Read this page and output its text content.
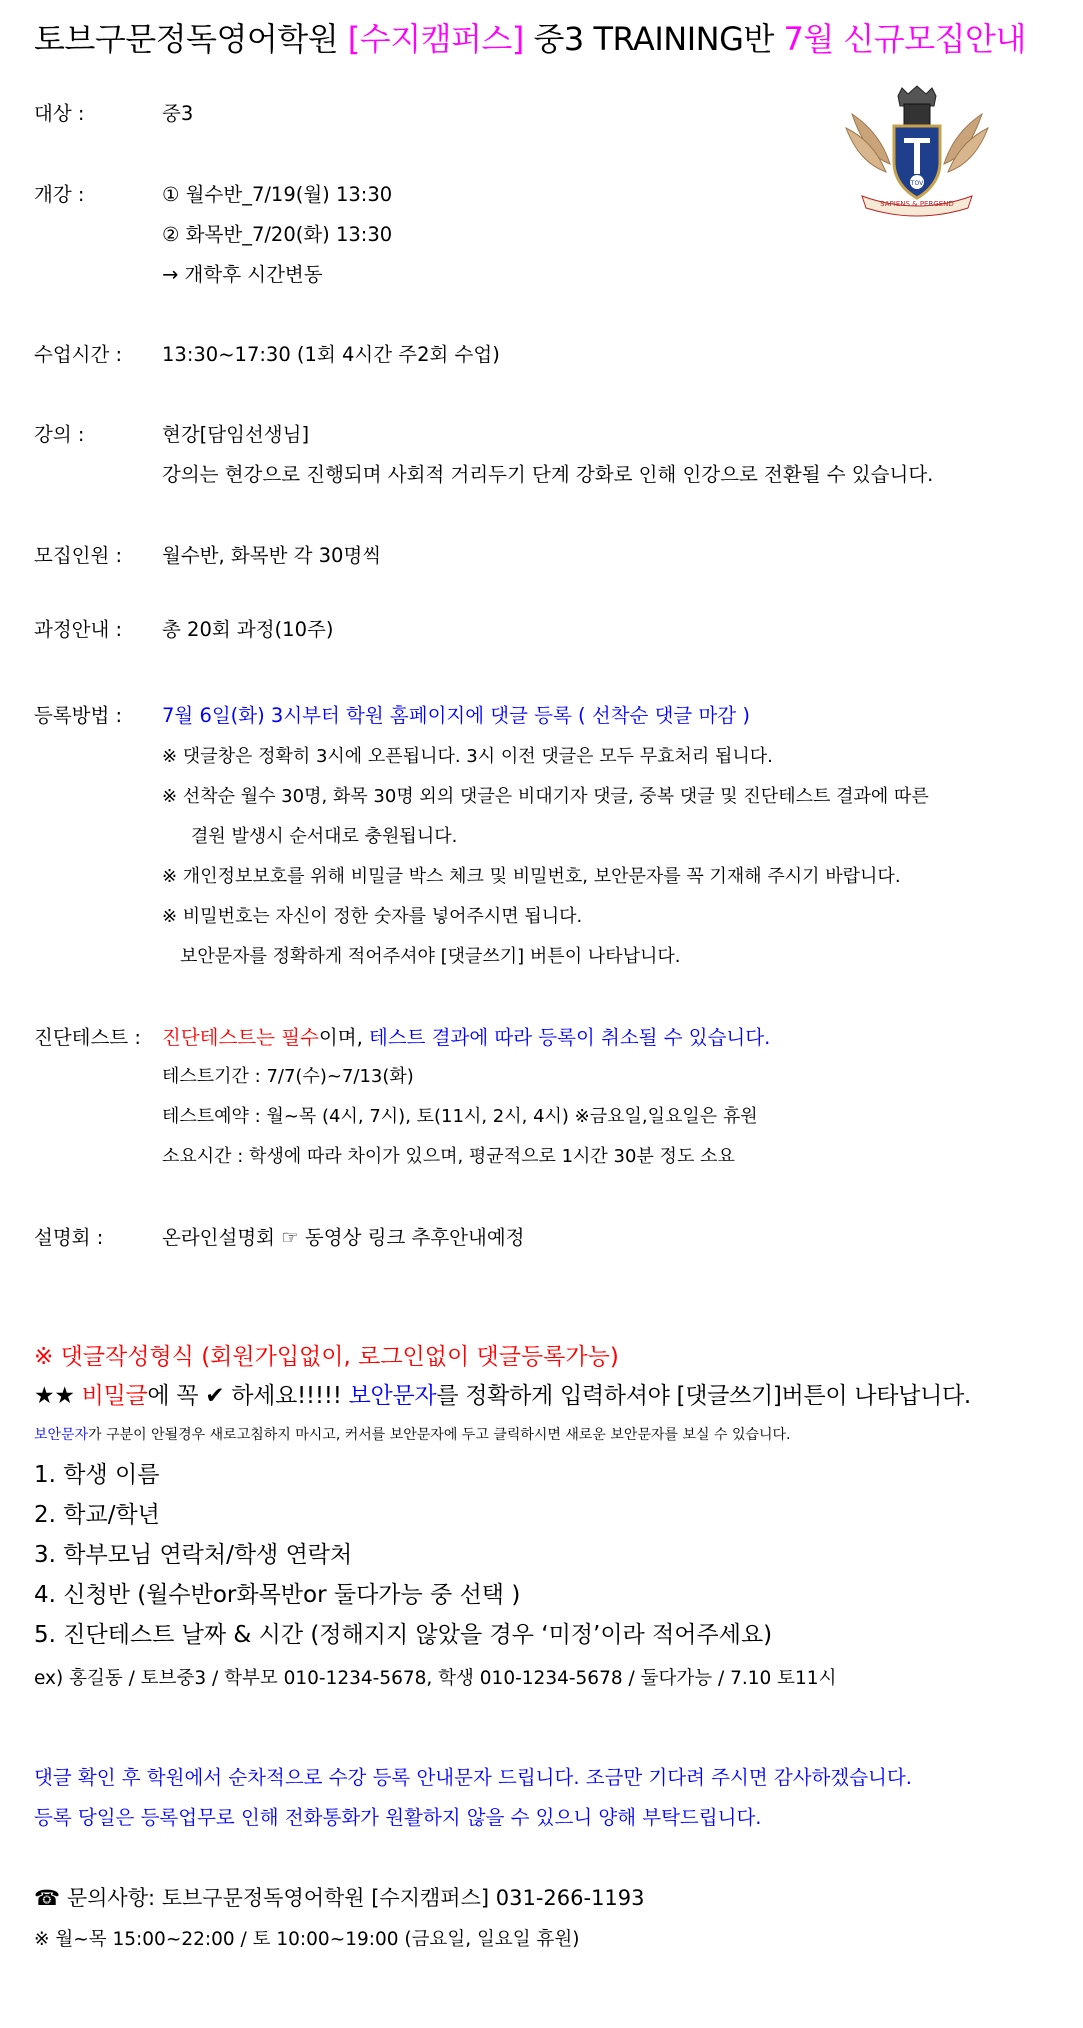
토브구문정독영어학원 [수지캠퍼스] 중3 TRAINING반 7월 신규모집안내
TOV
SAPIENS & PERGEND
대상 :	중3
개강 :	① 월수반_7/19(월) 13:30
② 화목반_7/20(화) 13:30
→ 개학후 시간변동
수업시간 : 13:30~17:30 (1회 4시간 주2회 수업)
강의 :	현강[담임선생님]
강의는 현강으로 진행되며 사회적 거리두기 단계 강화로 인해 인강으로 전환될 수 있습니다.
모집인원 : 월수반, 화목반 각 30명씩
과정안내 : 총 20회 과정(10주)
등록방법 : 7월 6일(화) 3시부터 학원 홈페이지에 댓글 등록 ( 선착순 댓글 마감 )
※ 댓글창은 정확히 3시에 오픈됩니다. 3시 이전 댓글은 모두 무효처리 됩니다.
※ 선착순 월수 30명, 화목 30명 외의 댓글은 비대기자 댓글, 중복 댓글 및 진단테스트 결과에 따른
결원 발생시 순서대로 충원됩니다.
※ 개인정보보호를 위해 비밀글 박스 체크 및 비밀번호, 보안문자를 꼭 기재해 주시기 바랍니다.
※ 비밀번호는 자신이 정한 숫자를 넣어주시면 됩니다.
보안문자를 정확하게 적어주셔야 [댓글쓰기] 버튼이 나타납니다.
진단테스트 : 진단테스트는 필수이며, 테스트 결과에 따라 등록이 취소될 수 있습니다.
테스트기간 : 7/7(수)~7/13(화)
테스트예약 : 월~목 (4시, 7시), 토(11시, 2시, 4시) ※금요일,일요일은 휴원
소요시간 : 학생에 따라 차이가 있으며, 평균적으로 1시간 30분 정도 소요
설명회 :	온라인설명회 ☞ 동영상 링크 추후안내예정
※ 댓글작성형식 (회원가입없이, 로그인없이 댓글등록가능)
★★ 비밀글에 꼭 ✔ 하세요!!!!! 보안문자를 정확하게 입력하셔야 [댓글쓰기]버튼이 나타납니다.
보안문자가 구분이 안될경우 새로고침하지 마시고, 커서를 보안문자에 두고 클릭하시면 새로운 보안문자를 보실 수 있습니다.
1. 학생 이름
2. 학교/학년
3. 학부모님 연락처/학생 연락처
4. 신청반 (월수반or화목반or 둘다가능 중 선택 )
5. 진단테스트 날짜 & 시간 (정해지지 않았을 경우 ‘미정’이라 적어주세요)
ex) 홍길동 / 토브중3 / 학부모 010-1234-5678, 학생 010-1234-5678 / 둘다가능 / 7.10 토11시
댓글 확인 후 학원에서 순차적으로 수강 등록 안내문자 드립니다. 조금만 기다려 주시면 감사하겠습니다.
등록 당일은 등록업무로 인해 전화통화가 원활하지 않을 수 있으니 양해 부탁드립니다.
☎ 문의사항: 토브구문정독영어학원 [수지캠퍼스] 031-266-1193
※ 월~목 15:00~22:00 / 토 10:00~19:00 (금요일, 일요일 휴원)
